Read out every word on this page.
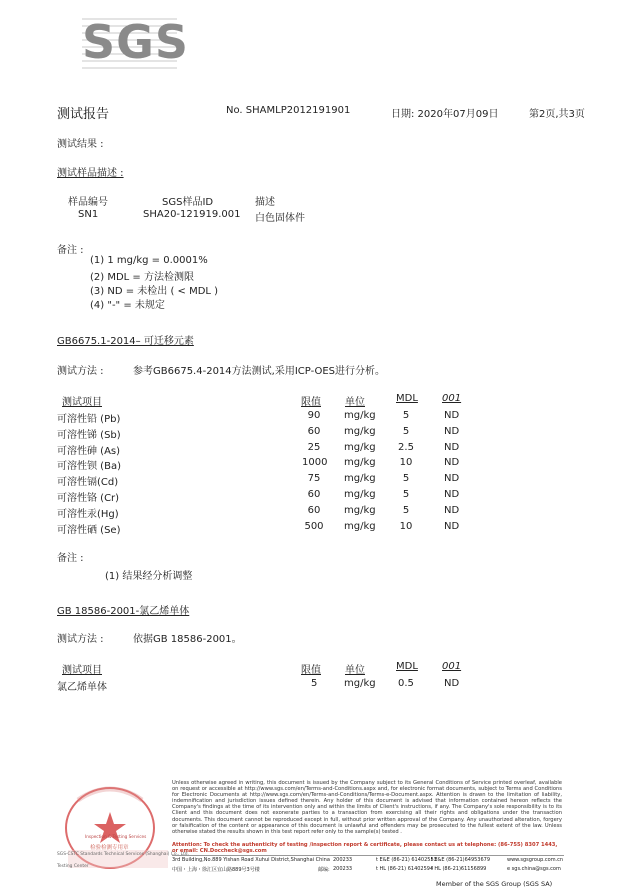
SGS
测试报告	No. SHAMLP2012191901	日期: 2020年07月09日	第2页,共3页
测试结果 :
测试样品描述 :
样品编号	SGS样品ID	描述
SN1	SHA20-121919.001 白色固体件
备注 :
(1) 1 mg/kg = 0.0001%
(2) MDL = 方法检测限
(3) ND = 未检出 ( < MDL )
(4) "-" = 未规定
GB6675.1-2014– 可迁移元素
测试方法 :	参考GB6675.4-2014方法测试,采用ICP-OES进行分析。
测试项目	限值 单位	MDL 001
可溶性铅 (Pb)	90	mg/kg	5	ND
可溶性锑 (Sb)	60	mg/kg	5	ND
可溶性砷 (As)	25	mg/kg	2.5	ND
可溶性钡 (Ba)	1000 mg/kg	10	ND
可溶性镉(Cd)	75	mg/kg	5	ND
可溶性铬 (Cr)	60	mg/kg	5	ND
可溶性汞(Hg)	60	mg/kg	5	ND
可溶性硒 (Se)	500 mg/kg	10	ND
备注 :
(1) 结果经分析调整
GB 18586-2001-氯乙烯单体
测试方法 :	依据GB 18586-2001。
测试项目	限值 单位	MDL 001
氯乙烯单体	5	mg/kg 0.5	ND
检验检测专用章
Inspection & Testing Services
SGS-CSTC Standards Technical Services (Shanghai) Co., Ltd.
Testing Center
Unless otherwise agreed in writing, this document is issued by the Company subject to its General Conditions of Service printed overleaf, available on request or accessible at http://www.sgs.com/en/Terms-and-Conditions.aspx and, for electronic format documents, subject to Terms and Conditions for Electronic Documents at http://www.sgs.com/en/Terms-and-Conditions/Terms-e-Document.aspx. Attention is drawn to the limitation of liability, indemnification and jurisdiction issues defined therein. Any holder of this document is advised that information contained hereon reflects the Company's findings at the time of its intervention only and within the limits of Client's instructions, if any. The Company's sole responsibility is to its Client and this document does not exonerate parties to a transaction from exercising all their rights and obligations under the transaction documents. This document cannot be reproduced except in full, without prior written approval of the Company. Any unauthorized alteration, forgery or falsification of the content or appearance of this document is unlawful and offenders may be prosecuted to the fullest extent of the law. Unless otherwise stated the results shown in this test report refer only to the sample(s) tested .
Attention: To check the authenticity of testing /inspection report & certificate, please contact us at telephone: (86-755) 8307 1443,
or email: CN.Doccheck@sgs.com
3rd Building,No.889 Yishan Road Xuhui District,Shanghai China 200233	t E&E (86-21) 61402553
f E&E (86-21)64953679	www.sgsgroup.com.cn
中国・上海・徐汇区宜山路889号3号楼	邮编: 200233	t HL (86-21) 61402594
f HL (86-21)61156899	e sgs.china@sgs.com
Member of the SGS Group (SGS SA)
